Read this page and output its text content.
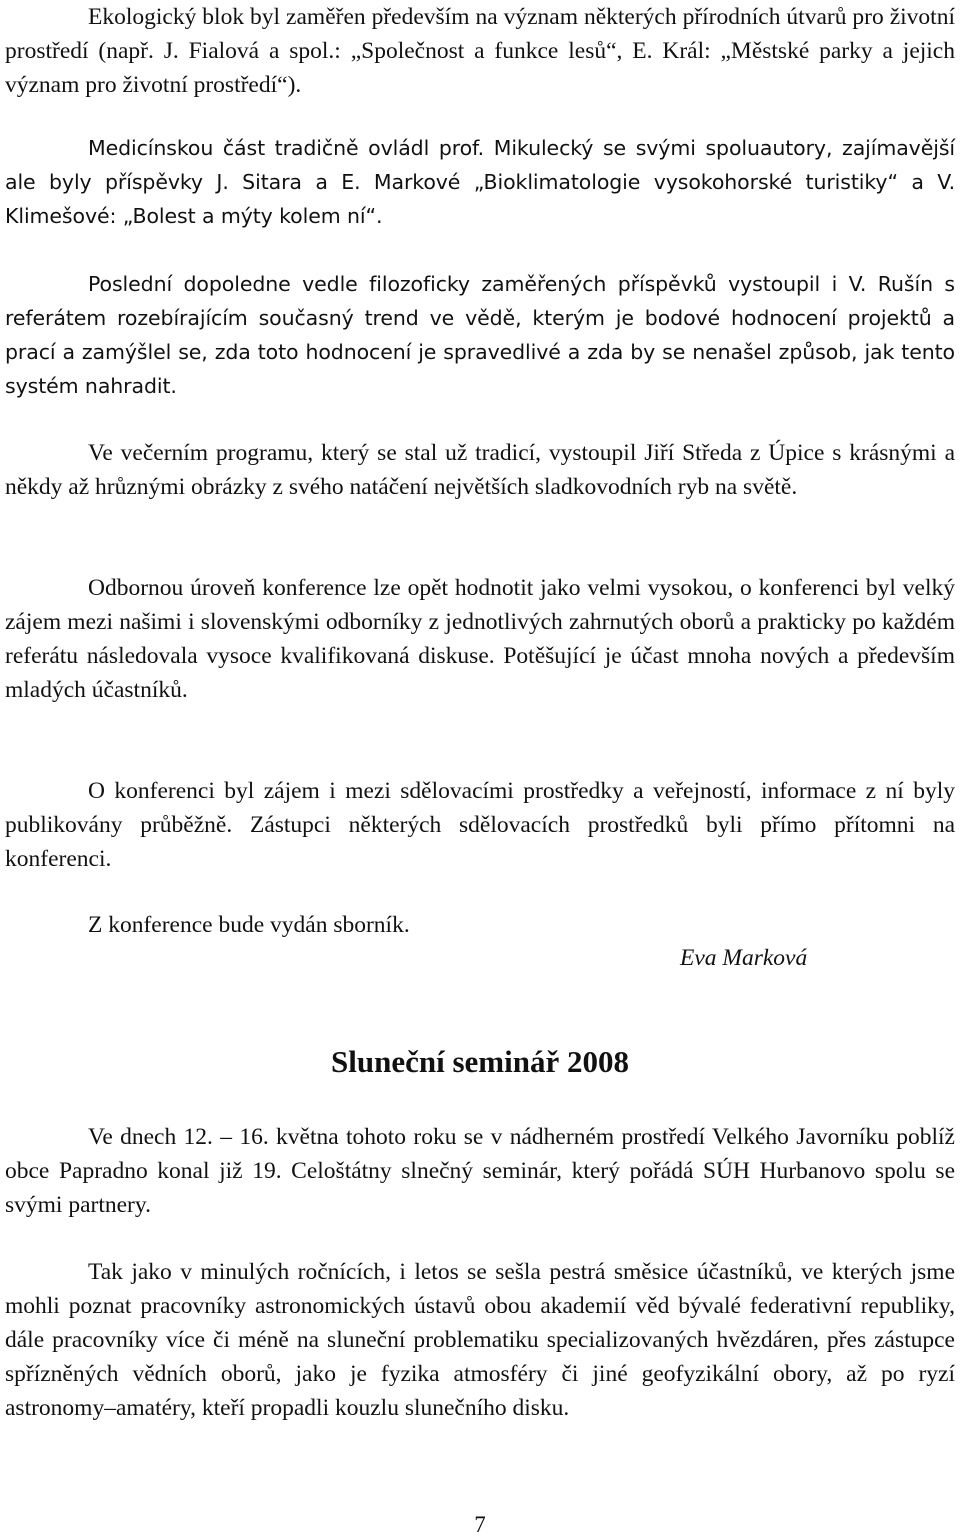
Ekologický blok byl zaměřen především na význam některých přírodních útvarů pro životní prostředí (např. J. Fialová a spol.: „Společnost a funkce lesů“, E. Král: „Městské parky a jejich význam pro životní prostředí“).

Medicínskou část tradičně ovládl prof. Mikulecký se svými spoluautory, zajímavější ale byly příspěvky J. Sitara a E. Markové „Bioklimatologie vysokohorské turistiky“ a V. Klimešové: „Bolest a mýty kolem ní“.

Poslední dopoledne vedle filozoficky zaměřených příspěvků vystoupil i V. Rušín s referátem rozebírajícím současný trend ve vědě, kterým je bodové hodnocení projektů a prací a zamýšlel se, zda toto hodnocení je spravedlivé a zda by se nenašel způsob, jak tento systém nahradit.

Ve večerním programu, který se stal už tradicí, vystoupil Jiří Středa z Úpice s krásnými a někdy až hrůznými obrázky z svého natáčení největších sladkovodních ryb na světě.

Odbornou úroveň konference lze opět hodnotit jako velmi vysokou, o konferenci byl velký zájem mezi našimi i slovenskými odborníky z jednotlivých zahrnutých oborů a prakticky po každém referátu následovala vysoce kvalifikovaná diskuse. Potěšující je účast mnoha nových a především mladých účastníků.

O konferenci byl zájem i mezi sdělovacími prostředky a veřejností, informace z ní byly publikovány průběžně. Zástupci některých sdělovacích prostředků byli přímo přítomni na konferenci.

Z konference bude vydán sborník.

Eva Marková

Sluneční seminář 2008

Ve dnech 12. – 16. května tohoto roku se v nádherném prostředí Velkého Javorníku poblíž obce Papradno konal již 19. Celoštátny slnečný seminár, který pořádá SÚH Hurbanovo spolu se svými partnery.

Tak jako v minulých ročnících, i letos se sešla pestrá směsice účastníků, ve kterých jsme mohli poznat pracovníky astronomických ústavů obou akademií věd bývalé federativní republiky, dále pracovníky více či méně na sluneční problematiku specializovaných hvězdáren, přes zástupce spřízněných vědních oborů, jako je fyzika atmosféry či jiné geofyzikální obory, až po ryzí astronomy–amatéry, kteří propadli kouzlu slunečního disku.

7
